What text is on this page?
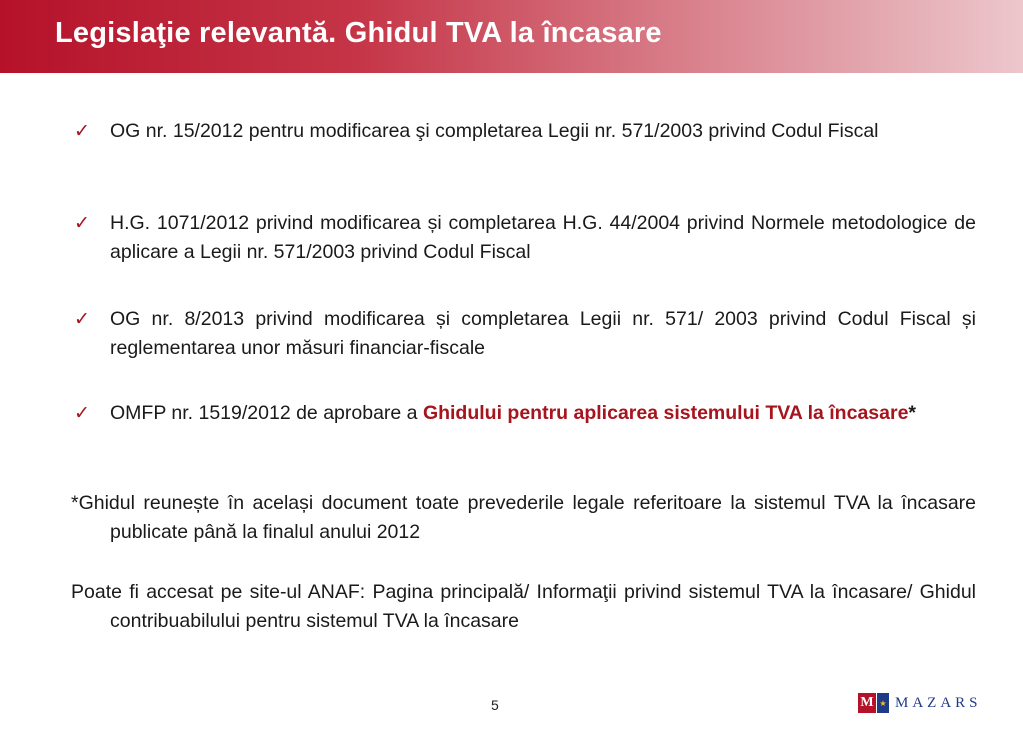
Legislaţie relevantă. Ghidul TVA la încasare
✓ OG nr. 15/2012 pentru modificarea şi completarea Legii nr. 571/2003 privind Codul Fiscal
✓ H.G. 1071/2012 privind modificarea și completarea H.G. 44/2004 privind Normele metodologice de aplicare a Legii nr. 571/2003 privind Codul Fiscal
✓ OG nr. 8/2013 privind modificarea și completarea Legii nr. 571/ 2003 privind Codul Fiscal și reglementarea unor măsuri financiar-fiscale
✓ OMFP nr. 1519/2012 de aprobare a Ghidului pentru aplicarea sistemului TVA la încasare*
*Ghidul reunește în același document toate prevederile legale referitoare la sistemul TVA la încasare publicate până la finalul anului 2012
Poate fi accesat pe site-ul ANAF: Pagina principală/ Informaţii privind sistemul TVA la încasare/ Ghidul contribuabilului pentru sistemul TVA la încasare
5	M ★ MAZARS
